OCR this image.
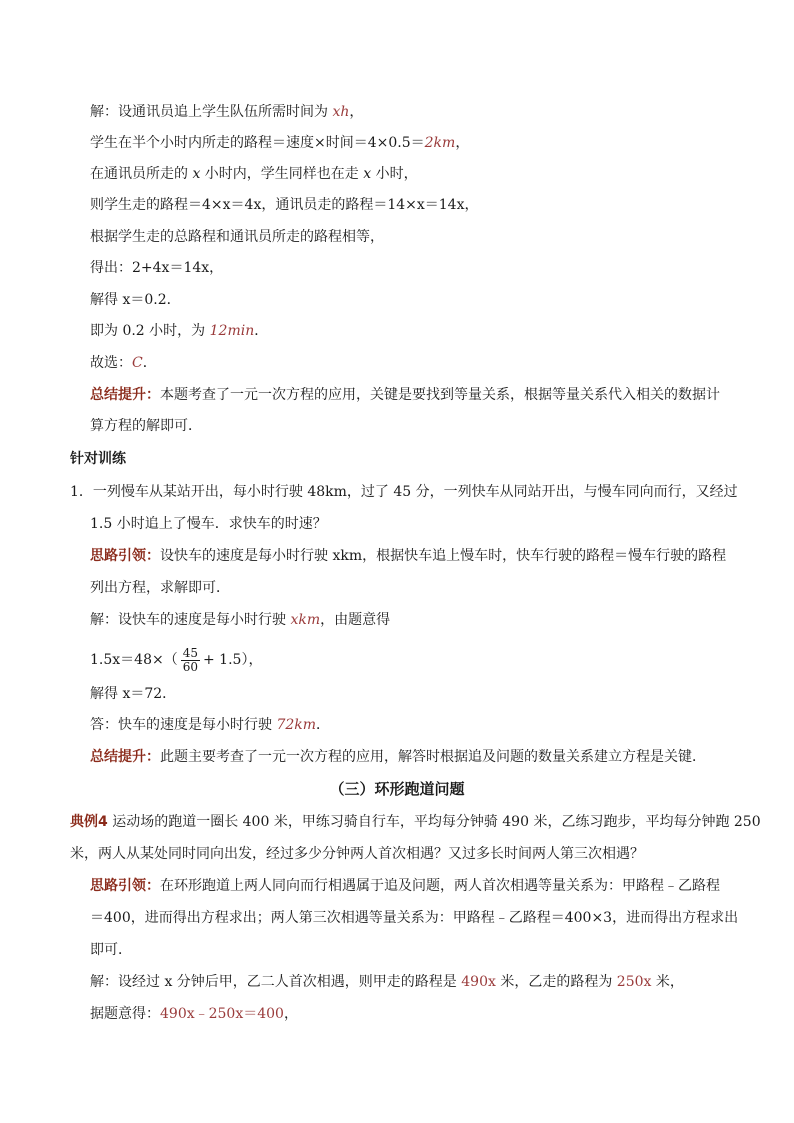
解：设通讯员追上学生队伍所需时间为 xh，
学生在半个小时内所走的路程＝速度×时间＝4×0.5＝2km，
在通讯员所走的 x 小时内，学生同样也在走 x 小时，
则学生走的路程＝4×x＝4x，通讯员走的路程＝14×x＝14x，
根据学生走的总路程和通讯员所走的路程相等，
得出：2+4x＝14x，
解得 x＝0.2．
即为 0.2 小时，为 12min．
故选：C．
总结提升：本题考查了一元一次方程的应用，关键是要找到等量关系，根据等量关系代入相关的数据计
算方程的解即可．
针对训练
1．一列慢车从某站开出，每小时行驶 48km，过了 45 分，一列快车从同站开出，与慢车同向而行，又经过
1.5 小时追上了慢车．求快车的时速？
思路引领：设快车的速度是每小时行驶 xkm，根据快车追上慢车时，快车行驶的路程＝慢车行驶的路程
列出方程，求解即可．
解：设快车的速度是每小时行驶 xkm，由题意得
$1.5x=48\times( \frac{45}{60} + 1.5)$，
解得 x＝72．
答：快车的速度是每小时行驶 72km．
总结提升：此题主要考查了一元一次方程的应用，解答时根据追及问题的数量关系建立方程是关键．
（三）环形跑道问题
典例4 运动场的跑道一圈长 400 米，甲练习骑自行车，平均每分钟骑 490 米，乙练习跑步，平均每分钟跑 250
米，两人从某处同时同向出发，经过多少分钟两人首次相遇？又过多长时间两人第三次相遇？
思路引领：在环形跑道上两人同向而行相遇属于追及问题，两人首次相遇等量关系为：甲路程﹣乙路程
＝400，进而得出方程求出；两人第三次相遇等量关系为：甲路程﹣乙路程＝400×3，进而得出方程求出
即可．
解：设经过 x 分钟后甲，乙二人首次相遇，则甲走的路程是 490x 米，乙走的路程为 250x 米，
据题意得：490x﹣250x＝400，
